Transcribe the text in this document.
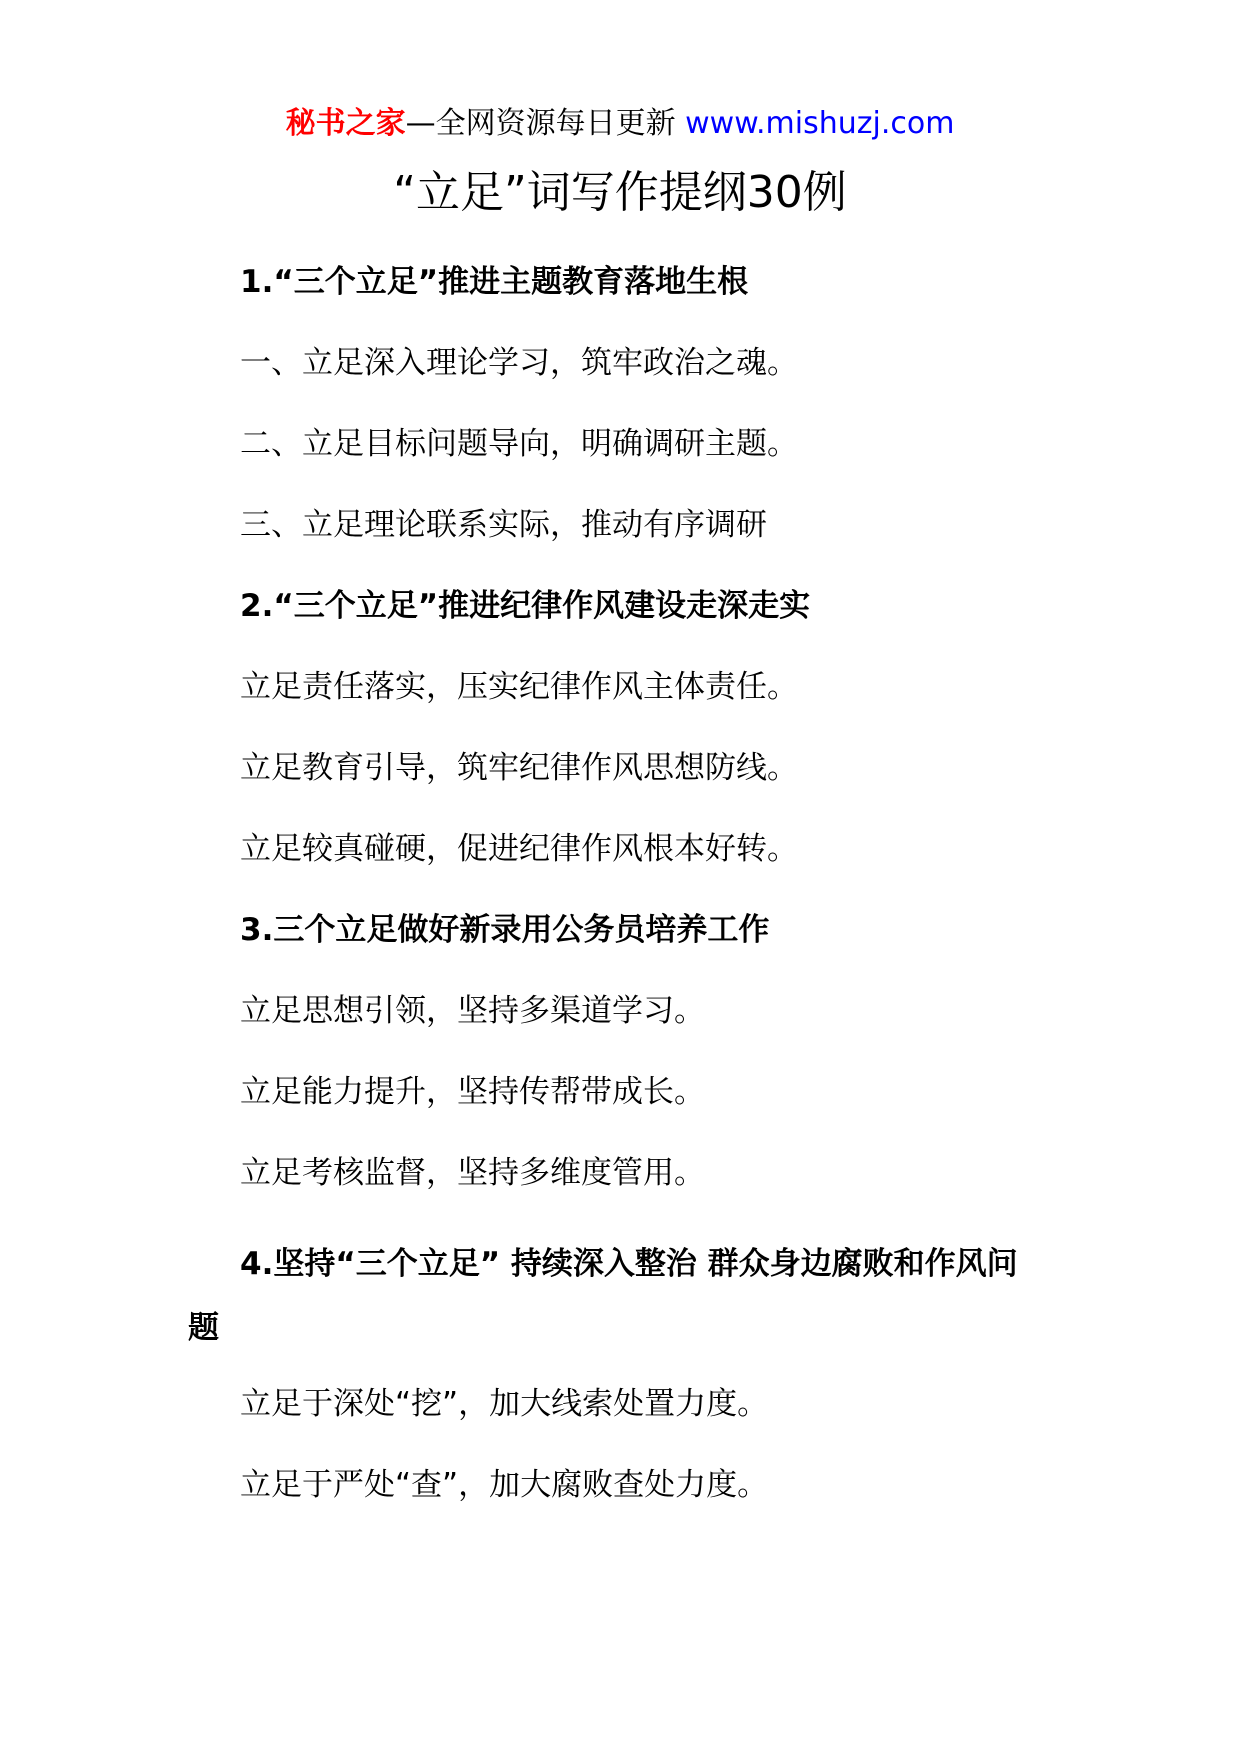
秘书之家—全网资源每日更新 www.mishuzj.com
“立足”词写作提纲30例
1.“三个立足”推进主题教育落地生根
一、立足深入理论学习，筑牢政治之魂。
二、立足目标问题导向，明确调研主题。
三、立足理论联系实际，推动有序调研
2.“三个立足”推进纪律作风建设走深走实
立足责任落实，压实纪律作风主体责任。
立足教育引导，筑牢纪律作风思想防线。
立足较真碰硬，促进纪律作风根本好转。
3.三个立足做好新录用公务员培养工作
立足思想引领，坚持多渠道学习。
立足能力提升，坚持传帮带成长。
立足考核监督，坚持多维度管用。
4.坚持“三个立足” 持续深入整治 群众身边腐败和作风问题
立足于深处“挖”，加大线索处置力度。
立足于严处“查”，加大腐败查处力度。
